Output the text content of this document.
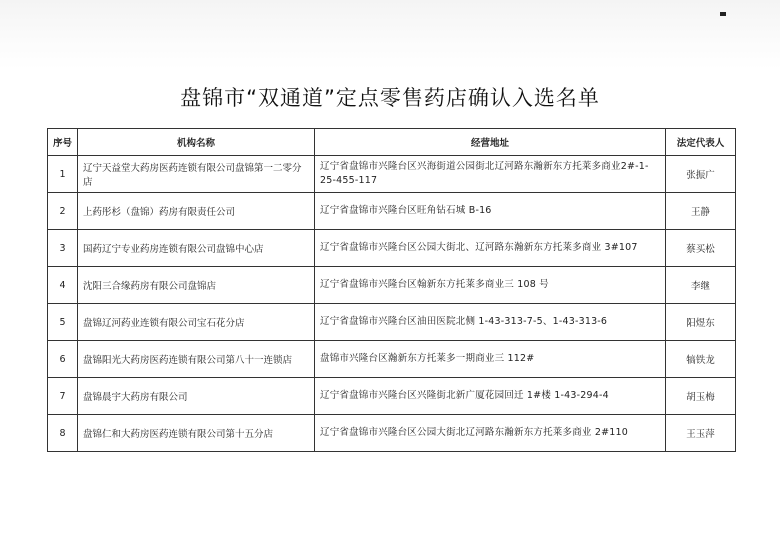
盘锦市“双通道”定点零售药店确认入选名单
序号	机构名称	经营地址	法定代表人
1	辽宁天益堂大药房医药连锁有限公司盘锦第一二零分店	辽宁省盘锦市兴隆台区兴海街道公园街北辽河路东瀚新东方托莱多商业2#-1-25-455-117	张振广
2	上药彤杉（盘锦）药房有限责任公司	辽宁省盘锦市兴隆台区旺角钻石城 B-16	王静
3	国药辽宁专业药房连锁有限公司盘锦中心店	辽宁省盘锦市兴隆台区公园大街北、辽河路东瀚新东方托莱多商业 3#107	蔡买松
4	沈阳三合缘药房有限公司盘锦店	辽宁省盘锦市兴隆台区翰新东方托莱多商业三 108 号	李继
5	盘锦辽河药业连锁有限公司宝石花分店	辽宁省盘锦市兴隆台区油田医院北侧 1-43-313-7-5、1-43-313-6	阳煜东
6	盘锦阳光大药房医药连锁有限公司第八十一连锁店	盘锦市兴隆台区瀚新东方托莱多一期商业三 112#	犒铁龙
7	盘锦晨宇大药房有限公司	辽宁省盘锦市兴隆台区兴隆街北新广厦花园回迁 1#楼 1-43-294-4	胡玉梅
8	盘锦仁和大药房医药连锁有限公司第十五分店	辽宁省盘锦市兴隆台区公园大街北辽河路东瀚新东方托莱多商业 2#110	王玉萍
